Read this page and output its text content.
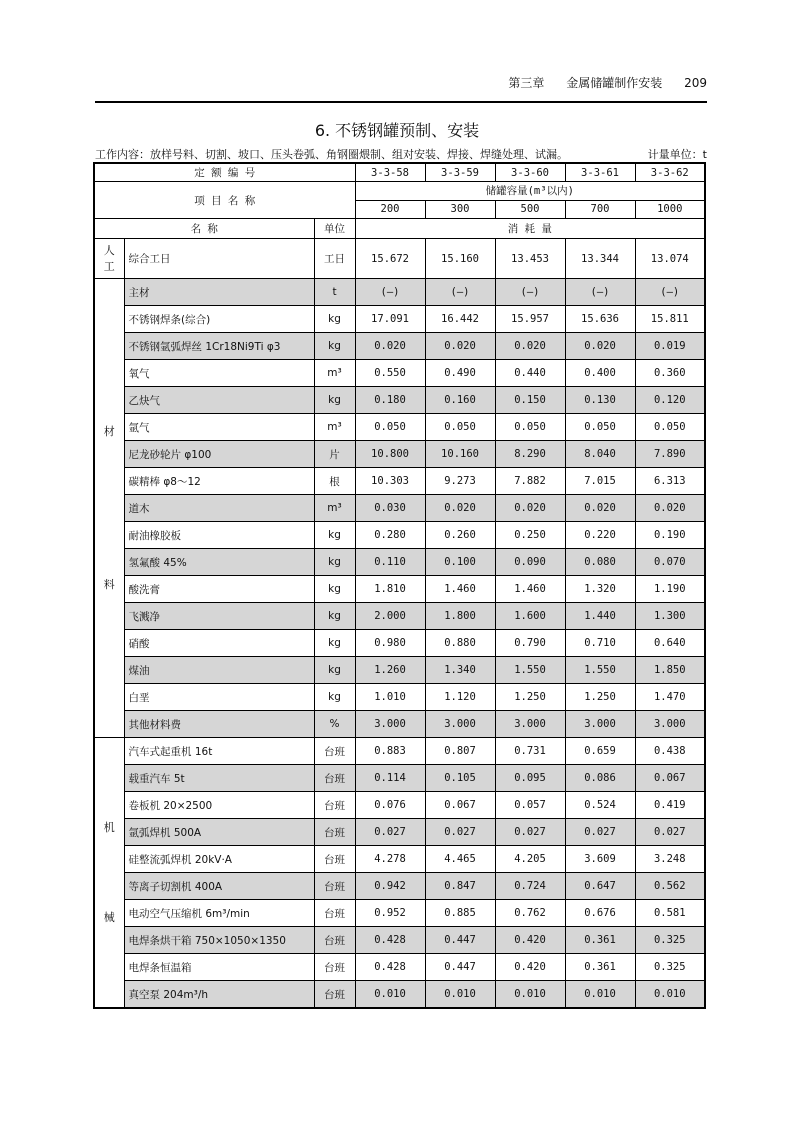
第三章 金属储罐制作安装 209
6. 不锈钢罐预制、安装
工作内容：放样号料、切割、坡口、压头卷弧、角钢圈煨制、组对安装、焊接、焊缝处理、试漏。	计量单位：t
定 额 编 号			3-3-58	3-3-59	3-3-60	3-3-61	3-3-62
项 目 名 称			储罐容量(m³以内)				
			200	300	500	700	1000
名 称		单位	消 耗 量				
人工	综合工日	工日	15.672	15.160	13.453	13.344	13.074
材料	主材	t	(—)	(—)	(—)	(—)	(—)
	不锈钢焊条(综合)	kg	17.091	16.442	15.957	15.636	15.811
	不锈钢氩弧焊丝 1Cr18Ni9Ti φ3	kg	0.020	0.020	0.020	0.020	0.019
	氧气	m³	0.550	0.490	0.440	0.400	0.360
	乙炔气	kg	0.180	0.160	0.150	0.130	0.120
	氩气	m³	0.050	0.050	0.050	0.050	0.050
	尼龙砂轮片 φ100	片	10.800	10.160	8.290	8.040	7.890
	碳精棒 φ8～12	根	10.303	9.273	7.882	7.015	6.313
	道木	m³	0.030	0.020	0.020	0.020	0.020
	耐油橡胶板	kg	0.280	0.260	0.250	0.220	0.190
	氢氟酸 45%	kg	0.110	0.100	0.090	0.080	0.070
	酸洗膏	kg	1.810	1.460	1.460	1.320	1.190
	飞溅净	kg	2.000	1.800	1.600	1.440	1.300
	硝酸	kg	0.980	0.880	0.790	0.710	0.640
	煤油	kg	1.260	1.340	1.550	1.550	1.850
	白垩	kg	1.010	1.120	1.250	1.250	1.470
	其他材料费	%	3.000	3.000	3.000	3.000	3.000
机械	汽车式起重机 16t	台班	0.883	0.807	0.731	0.659	0.438
	载重汽车 5t	台班	0.114	0.105	0.095	0.086	0.067
	卷板机 20×2500	台班	0.076	0.067	0.057	0.524	0.419
	氩弧焊机 500A	台班	0.027	0.027	0.027	0.027	0.027
	硅整流弧焊机 20kV·A	台班	4.278	4.465	4.205	3.609	3.248
	等离子切割机 400A	台班	0.942	0.847	0.724	0.647	0.562
	电动空气压缩机 6m³/min	台班	0.952	0.885	0.762	0.676	0.581
	电焊条烘干箱 750×1050×1350	台班	0.428	0.447	0.420	0.361	0.325
	电焊条恒温箱	台班	0.428	0.447	0.420	0.361	0.325
	真空泵 204m³/h	台班	0.010	0.010	0.010	0.010	0.010
